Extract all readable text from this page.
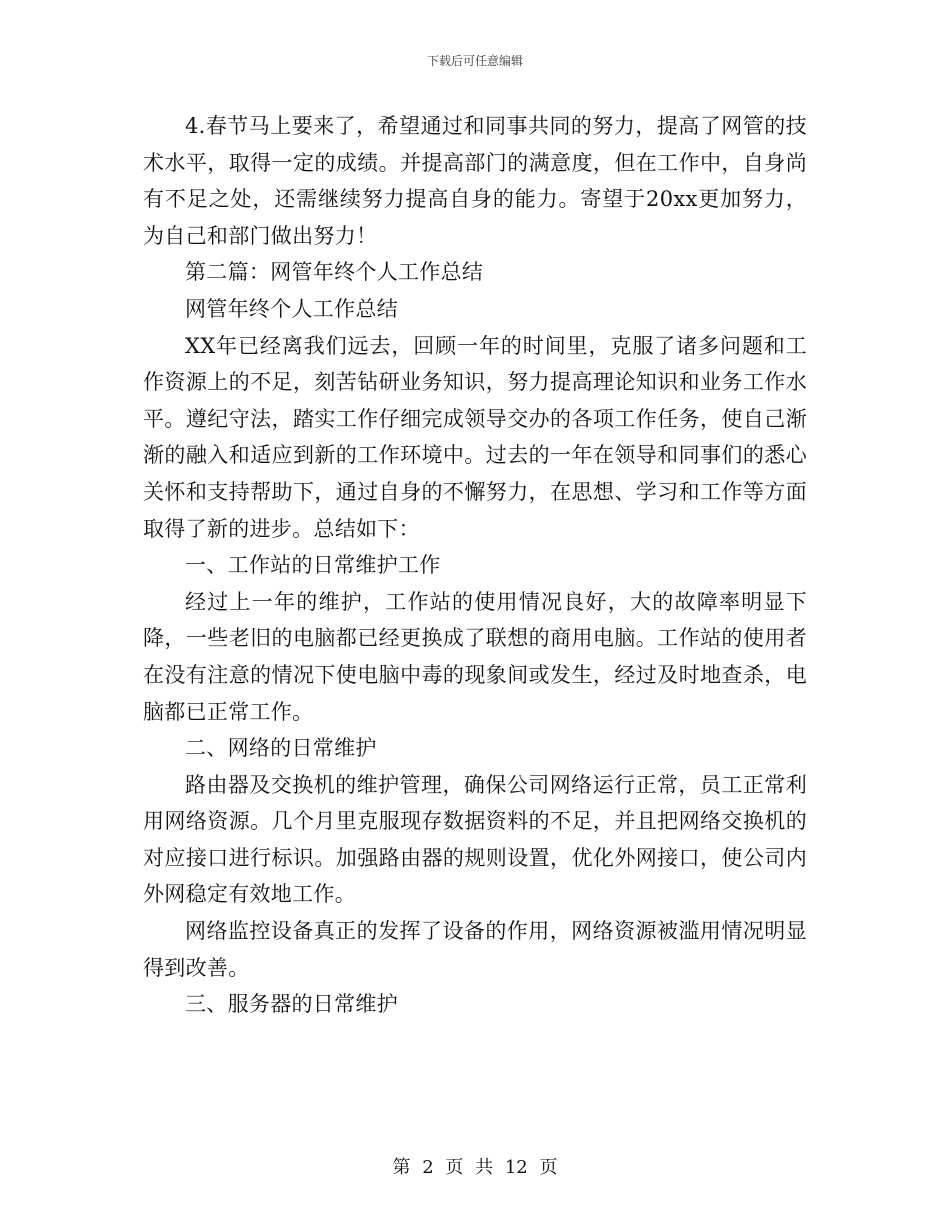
下载后可任意编辑

4.春节马上要来了，希望通过和同事共同的努力，提高了网管的技术水平，取得一定的成绩。并提高部门的满意度，但在工作中，自身尚有不足之处，还需继续努力提高自身的能力。寄望于20xx更加努力，为自己和部门做出努力！

第二篇：网管年终个人工作总结

网管年终个人工作总结

XX年已经离我们远去，回顾一年的时间里，克服了诸多问题和工作资源上的不足，刻苦钻研业务知识，努力提高理论知识和业务工作水平。遵纪守法，踏实工作仔细完成领导交办的各项工作任务，使自己渐渐的融入和适应到新的工作环境中。过去的一年在领导和同事们的悉心关怀和支持帮助下，通过自身的不懈努力，在思想、学习和工作等方面取得了新的进步。总结如下：

一、工作站的日常维护工作

经过上一年的维护，工作站的使用情况良好，大的故障率明显下降，一些老旧的电脑都已经更换成了联想的商用电脑。工作站的使用者在没有注意的情况下使电脑中毒的现象间或发生，经过及时地查杀，电脑都已正常工作。

二、网络的日常维护

路由器及交换机的维护管理，确保公司网络运行正常，员工正常利用网络资源。几个月里克服现存数据资料的不足，并且把网络交换机的对应接口进行标识。加强路由器的规则设置，优化外网接口，使公司内外网稳定有效地工作。

网络监控设备真正的发挥了设备的作用，网络资源被滥用情况明显得到改善。

三、服务器的日常维护

第 2 页 共 12 页
